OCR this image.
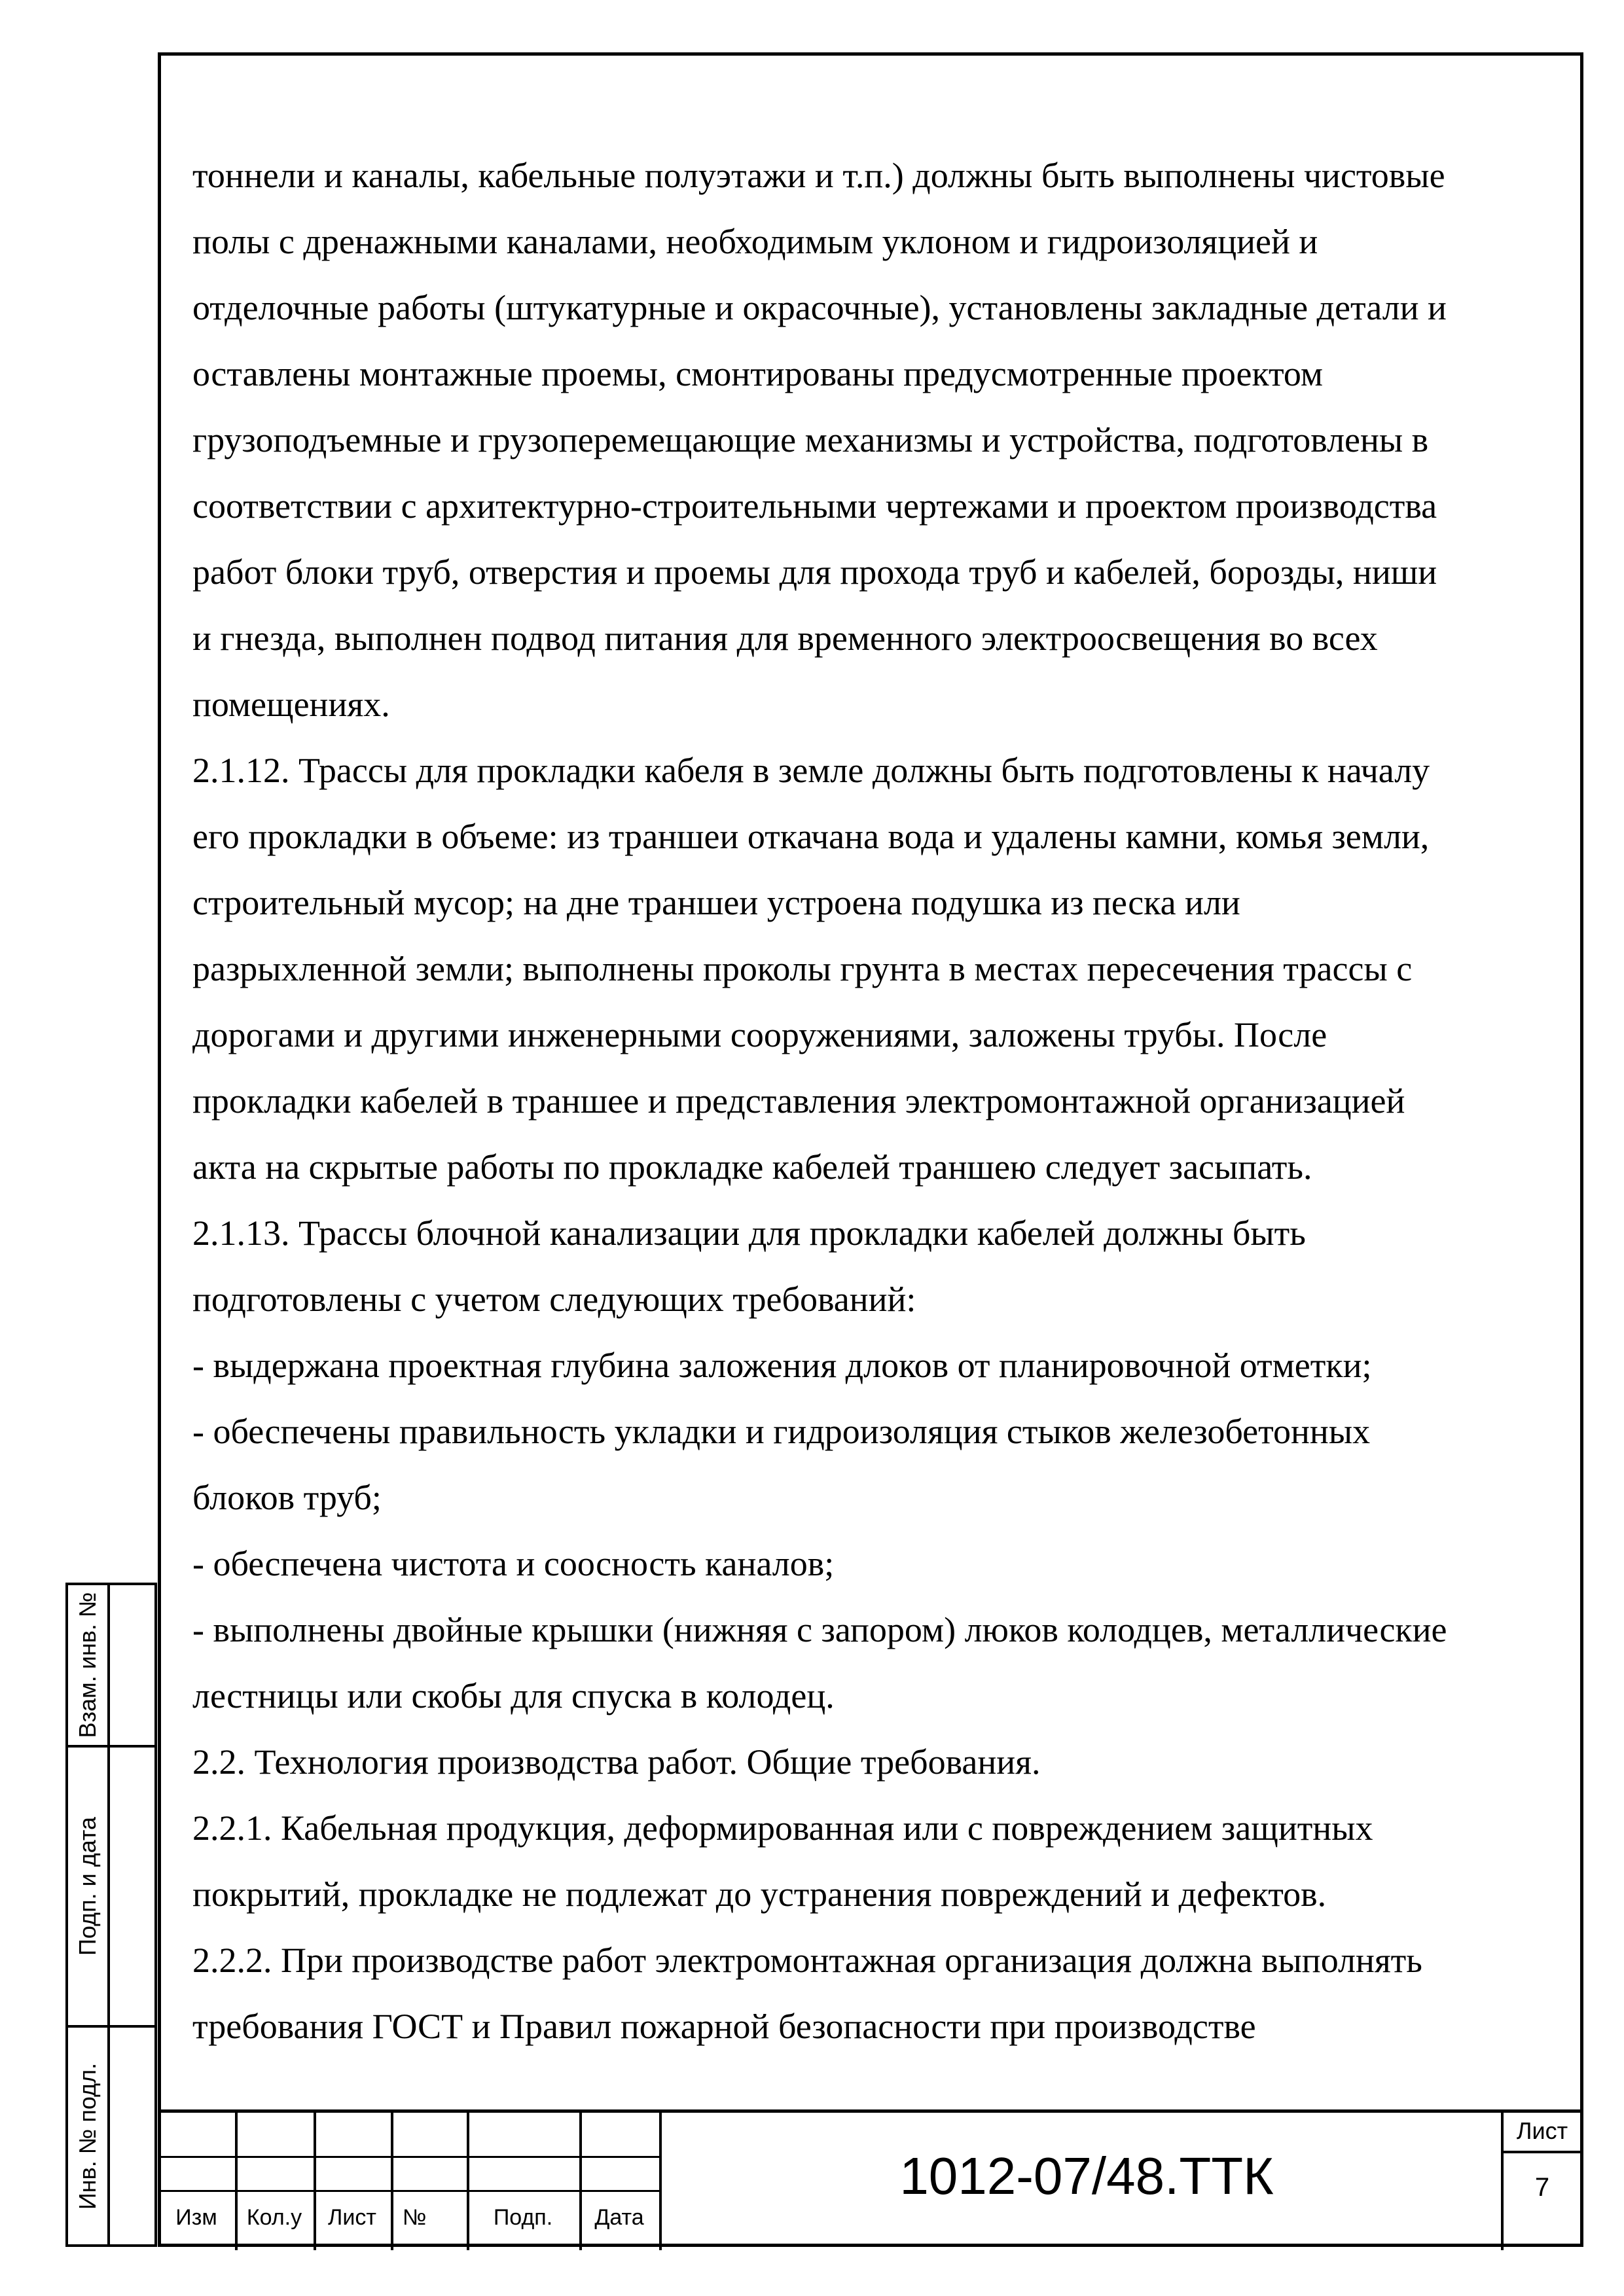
тоннели и каналы, кабельные полуэтажи и т.п.) должны быть выполнены чистовые

полы с дренажными каналами, необходимым уклоном и гидроизоляцией и

отделочные работы (штукатурные и окрасочные), установлены закладные детали и

оставлены монтажные проемы, смонтированы предусмотренные проектом

грузоподъемные и грузоперемещающие механизмы и устройства, подготовлены в

соответствии с архитектурно-строительными чертежами и проектом производства

работ блоки труб, отверстия и проемы для прохода труб и кабелей, борозды, ниши

и гнезда, выполнен подвод питания для временного электроосвещения во всех

помещениях.

2.1.12. Трассы для прокладки кабеля в земле должны быть подготовлены к началу

его прокладки в объеме: из траншеи откачана вода и удалены камни, комья земли,

строительный мусор; на дне траншеи устроена подушка из песка или

разрыхленной земли; выполнены проколы грунта в местах пересечения трассы с

дорогами и другими инженерными сооружениями, заложены трубы. После

прокладки кабелей в траншее и представления электромонтажной организацией

акта на скрытые работы по прокладке кабелей траншею следует засыпать.

2.1.13. Трассы блочной канализации для прокладки кабелей должны быть

подготовлены с учетом следующих требований:

- выдержана проектная глубина заложения длоков от планировочной отметки;

- обеспечены правильность укладки и гидроизоляция стыков железобетонных

блоков труб;

- обеспечена чистота и соосность каналов;

- выполнены двойные крышки (нижняя с запором) люков колодцев, металлические

лестницы или скобы для спуска в колодец.

2.2. Технология производства работ. Общие требования.

2.2.1. Кабельная продукция, деформированная или с повреждением защитных

покрытий, прокладке не подлежат до устранения повреждений и дефектов.

2.2.2. При производстве работ электромонтажная организация должна выполнять

требования ГОСТ и Правил пожарной безопасности при производстве

Взам. инв. №
Подп. и дата
Инв. № подл.
Изм	Кол.у	Лист	№	Подп.	Дата
1012-07/48.ТТК
Лист
7
